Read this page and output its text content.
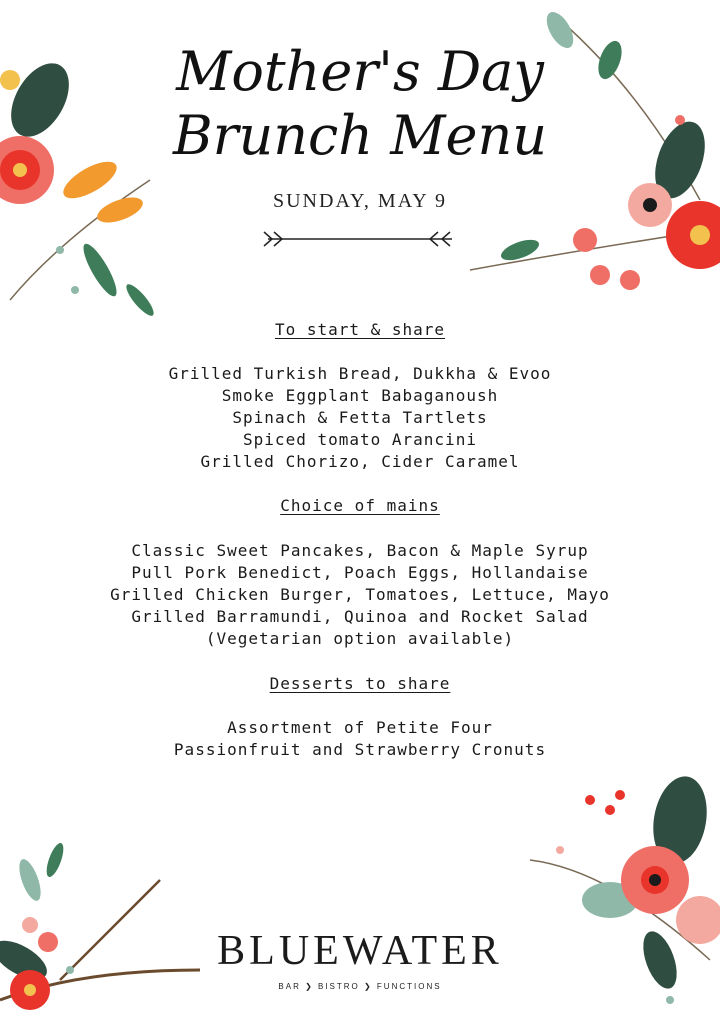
Mother's Day
Brunch Menu
SUNDAY, MAY 9
To start & share
Grilled Turkish Bread, Dukkha & Evoo
Smoke Eggplant Babaganoush
Spinach & Fetta Tartlets
Spiced tomato Arancini
Grilled Chorizo, Cider Caramel
Choice of mains
Classic Sweet Pancakes, Bacon & Maple Syrup
Pull Pork Benedict, Poach Eggs, Hollandaise
Grilled Chicken Burger, Tomatoes, Lettuce, Mayo
Grilled Barramundi, Quinoa and Rocket Salad
(Vegetarian option available)
Desserts to share
Assortment of Petite Four
Passionfruit and Strawberry Cronuts
BLUEWATER
BAR ❯ BISTRO ❯ FUNCTIONS
